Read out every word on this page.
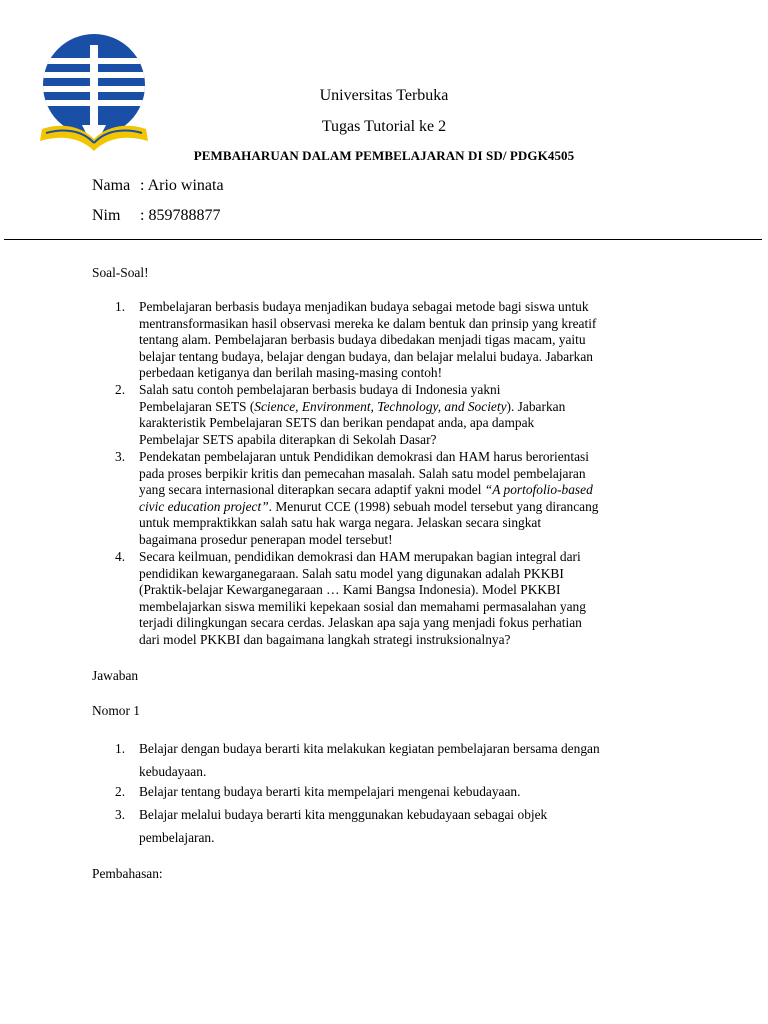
Universitas Terbuka
Tugas Tutorial ke 2
PEMBAHARUAN DALAM PEMBELAJARAN DI SD/ PDGK4505
Nama : Ario winata
Nim : 859788877
Soal-Soal!
1. Pembelajaran berbasis budaya menjadikan budaya sebagai metode bagi siswa untuk
mentransformasikan hasil observasi mereka ke dalam bentuk dan prinsip yang kreatif
tentang alam. Pembelajaran berbasis budaya dibedakan menjadi tigas macam, yaitu
belajar tentang budaya, belajar dengan budaya, dan belajar melalui budaya. Jabarkan
perbedaan ketiganya dan berilah masing-masing contoh!
2. Salah satu contoh pembelajaran berbasis budaya di Indonesia yakni
Pembelajaran SETS (Science, Environment, Technology, and Society). Jabarkan
karakteristik Pembelajaran SETS dan berikan pendapat anda, apa dampak
Pembelajar SETS apabila diterapkan di Sekolah Dasar?
3. Pendekatan pembelajaran untuk Pendidikan demokrasi dan HAM harus berorientasi
pada proses berpikir kritis dan pemecahan masalah. Salah satu model pembelajaran
yang secara internasional diterapkan secara adaptif yakni model “A portofolio-based
civic education project”. Menurut CCE (1998) sebuah model tersebut yang dirancang
untuk mempraktikkan salah satu hak warga negara. Jelaskan secara singkat
bagaimana prosedur penerapan model tersebut!
4. Secara keilmuan, pendidikan demokrasi dan HAM merupakan bagian integral dari
pendidikan kewarganegaraan. Salah satu model yang digunakan adalah PKKBI
(Praktik-belajar Kewarganegaraan … Kami Bangsa Indonesia). Model PKKBI
membelajarkan siswa memiliki kepekaan sosial dan memahami permasalahan yang
terjadi dilingkungan secara cerdas. Jelaskan apa saja yang menjadi fokus perhatian
dari model PKKBI dan bagaimana langkah strategi instruksionalnya?
Jawaban
Nomor 1
1. Belajar dengan budaya berarti kita melakukan kegiatan pembelajaran bersama dengan
kebudayaan.
2. Belajar tentang budaya berarti kita mempelajari mengenai kebudayaan.
3. Belajar melalui budaya berarti kita menggunakan kebudayaan sebagai objek
pembelajaran.
Pembahasan:
